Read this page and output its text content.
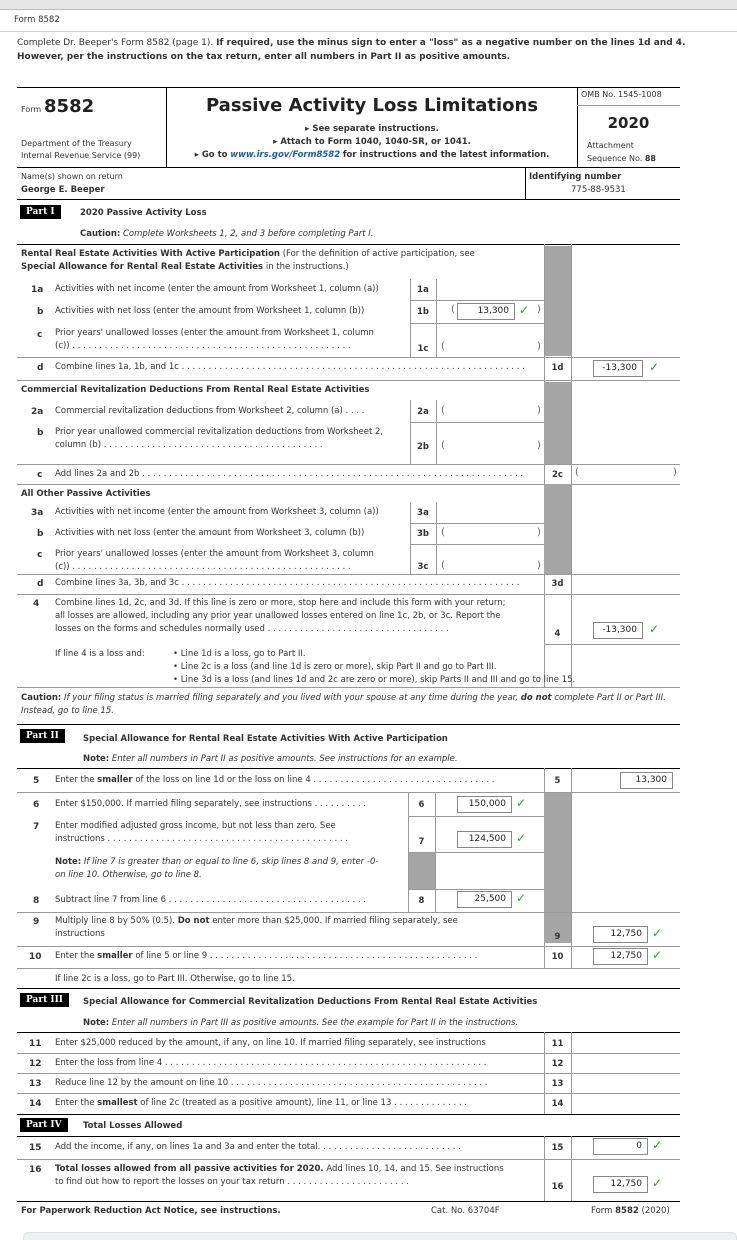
Form 8582
Complete Dr. Beeper's Form 8582 (page 1). If required, use the minus sign to enter a "loss" as a negative number on the lines 1d and 4. However, per the instructions on the tax return, enter all numbers in Part II as positive amounts.
Form 8582
Department of the Treasury
Internal Revenue Service (99)
Passive Activity Loss Limitations
▸ See separate instructions.
▸ Attach to Form 1040, 1040-SR, or 1041.
▸ Go to www.irs.gov/Form8582 for instructions and the latest information.
OMB No. 1545-1008
2020
Attachment
Sequence No. 88
Name(s) shown on return
George E. Beeper
Identifying number
775-88-9531
Part I	2020 Passive Activity Loss
Caution: Complete Worksheets 1, 2, and 3 before completing Part I.
Rental Real Estate Activities With Active Participation (For the definition of active participation, see
Special Allowance for Rental Real Estate Activities in the instructions.)
1a Activities with net income (enter the amount from Worksheet 1, column (a))	1a
b Activities with net loss (enter the amount from Worksheet 1, column (b))	1b	(	13,300 ✓ )
c Prior years' unallowed losses (enter the amount from Worksheet 1, column
(c)) . . . . . . . . . . . . . . . . . . . . . . . . . . . . . . . . . . . . . . . . . . . . . . . . . . . .	1c	(	)
d Combine lines 1a, 1b, and 1c . . . . . . . . . . . . . . . . . . . . . . . . . . . . . . . . . . . . . . . . . . . . . . . . . . . . . . . . . . . . . . . .	1d	-13,300	✓
Commercial Revitalization Deductions From Rental Real Estate Activities
2a Commercial revitalization deductions from Worksheet 2, column (a) . . . .	2a	(	)
b Prior year unallowed commercial revitalization deductions from Worksheet 2,
column (b) . . . . . . . . . . . . . . . . . . . . . . . . . . . . . . . . . . . . . . . . .	2b	(	)
c Add lines 2a and 2b . . . . . . . . . . . . . . . . . . . . . . . . . . . . . . . . . . . . . . . . . . . . . . . . . . . . . . . . . . . . . . . . . . . . . . .	2c	(	)
All Other Passive Activities
3a Activities with net income (enter the amount from Worksheet 3, column (a))	3a
b Activities with net loss (enter the amount from Worksheet 3, column (b))	3b	(	)
c Prior years' unallowed losses (enter the amount from Worksheet 3, column
(c)) . . . . . . . . . . . . . . . . . . . . . . . . . . . . . . . . . . . . . . . . . . . . . . . . . . . .	3c	(	)
d Combine lines 3a, 3b, and 3c . . . . . . . . . . . . . . . . . . . . . . . . . . . . . . . . . . . . . . . . . . . . . . . . . . . . . . . . . . . . . . .	3d
4 Combine lines 1d, 2c, and 3d. If this line is zero or more, stop here and include this form with your return;
all losses are allowed, including any prior year unallowed losses entered on line 1c, 2b, or 3c. Report the
losses on the forms and schedules normally used . . . . . . . . . . . . . . . . . . . . . . . . . . . . . . . . . .	4	-13,300	✓
If line 4 is a loss and:	• Line 1d is a loss, go to Part II.
• Line 2c is a loss (and line 1d is zero or more), skip Part II and go to Part III.
• Line 3d is a loss (and lines 1d and 2c are zero or more), skip Parts II and III and go to line 15.
Caution: If your filing status is married filing separately and you lived with your spouse at any time during the year, do not complete Part II or Part III. Instead, go to line 15.
Part II	Special Allowance for Rental Real Estate Activities With Active Participation
Note: Enter all numbers in Part II as positive amounts. See instructions for an example.
5 Enter the smaller of the loss on line 1d or the loss on line 4 . . . . . . . . . . . . . . . . . . . . . . . . . . . . . . . . . .	5	13,300
6 Enter $150,000. If married filing separately, see instructions . . . . . . . . . .	6	150,000 ✓
7 Enter modified adjusted gross income, but not less than zero. See
instructions . . . . . . . . . . . . . . . . . . . . . . . . . . . . . . . . . . . . . . . . . . . . .	7	124,500 ✓
Note: If line 7 is greater than or equal to line 6, skip lines 8 and 9, enter -0-
on line 10. Otherwise, go to line 8.
8 Subtract line 7 from line 6 . . . . . . . . . . . . . . . . . . . . . . . . . . . . . . . . . . . . .	8	25,500 ✓
9 Multiply line 8 by 50% (0.5). Do not enter more than $25,000. If married filing separately, see
instructions	9	12,750 ✓
10 Enter the smaller of line 5 or line 9 . . . . . . . . . . . . . . . . . . . . . . . . . . . . . . . . . . . . . . . . . . . . . . . . . .	10	12,750 ✓
If line 2c is a loss, go to Part III. Otherwise, go to line 15.
Part III	Special Allowance for Commercial Revitalization Deductions From Rental Real Estate Activities
Note: Enter all numbers in Part III as positive amounts. See the example for Part II in the instructions.
11 Enter $25,000 reduced by the amount, if any, on line 10. If married filing separately, see instructions	11
12 Enter the loss from line 4 . . . . . . . . . . . . . . . . . . . . . . . . . . . . . . . . . . . . . . . . . . . . . . . . . . . . . . . . . . . .	12
13 Reduce line 12 by the amount on line 10 . . . . . . . . . . . . . . . . . . . . . . . . . . . . . . . . . . . . . . . . . . . . . . . .	13
14 Enter the smallest of line 2c (treated as a positive amount), line 11, or line 13 . . . . . . . . . . . . . .	14
Part IV	Total Losses Allowed
15 Add the income, if any, on lines 1a and 3a and enter the total. . . . . . . . . . . . . . . . . . . . . . . . . . .	15	0 ✓
16 Total losses allowed from all passive activities for 2020. Add lines 10, 14, and 15. See instructions
to find out how to report the losses on your tax return . . . . . . . . . . . . . . . . . . . . . . .	16	12,750 ✓
For Paperwork Reduction Act Notice, see instructions.	Cat. No. 63704F	Form 8582 (2020)
